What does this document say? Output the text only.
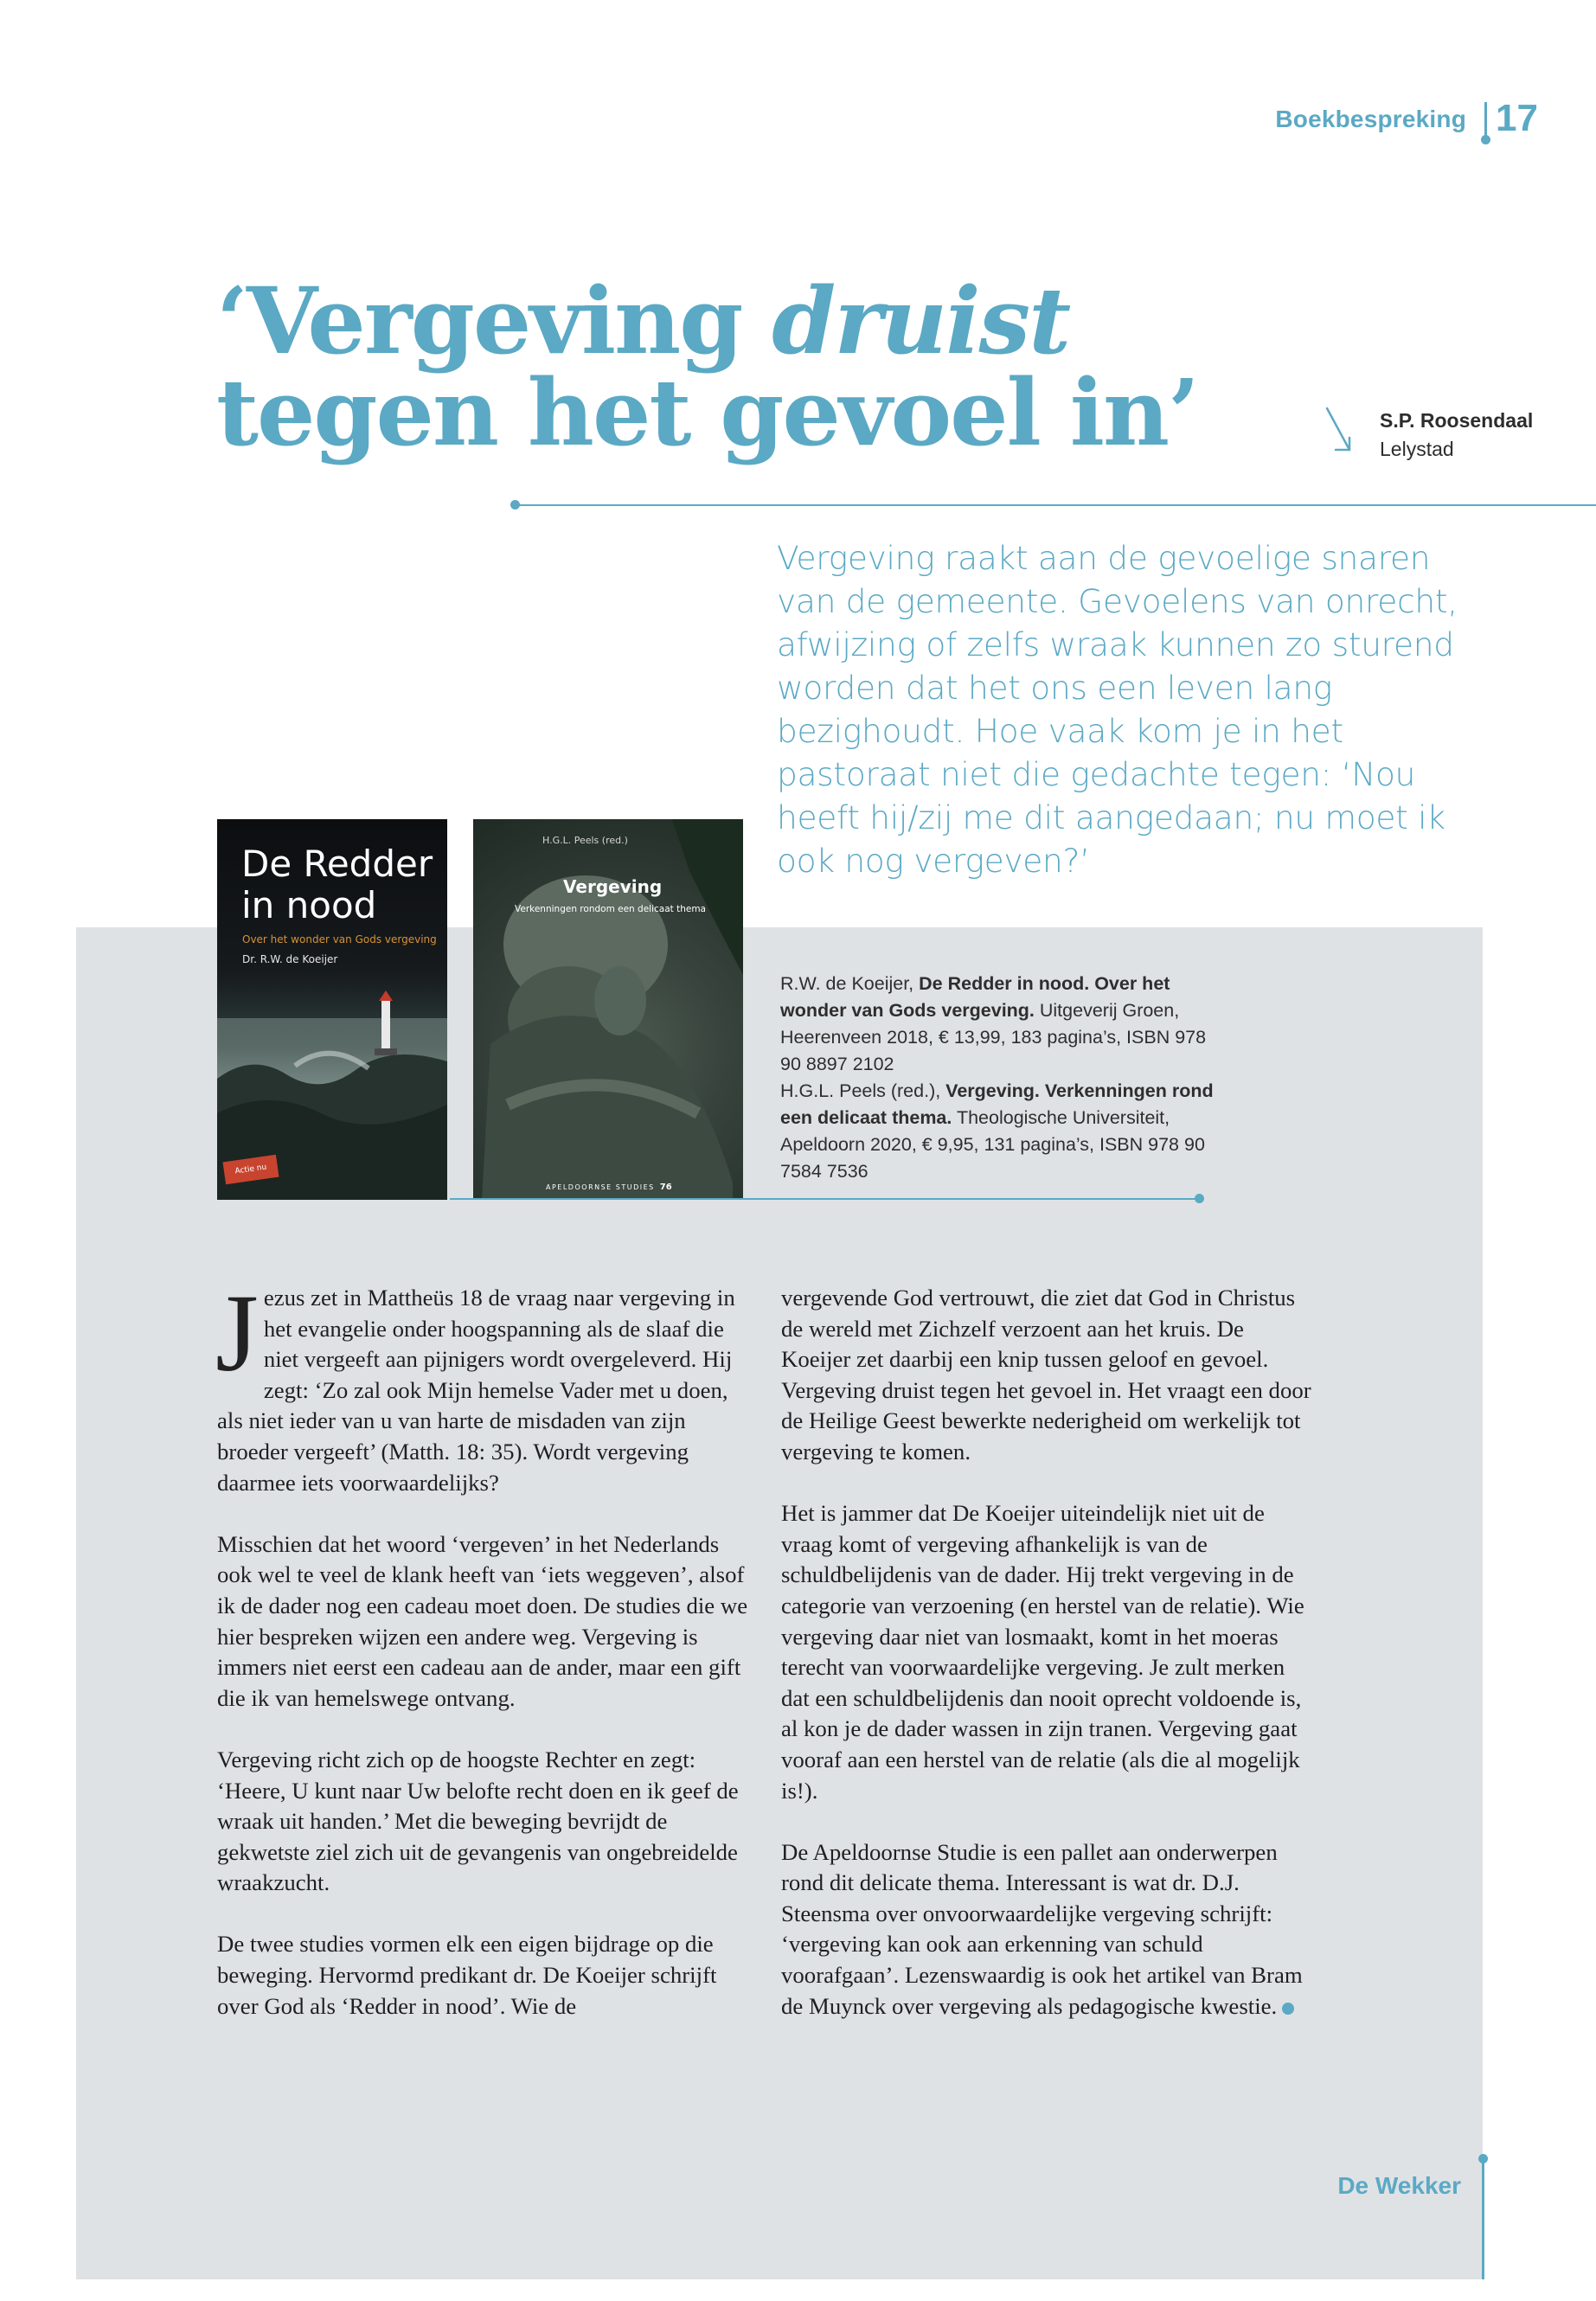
Boekbespreking 17
‘Vergeving druist
tegen het gevoel in’	S.P. Roosendaal
Lelystad
Vergeving raakt aan de gevoelige snaren van de gemeente. Gevoelens van onrecht, afwijzing of zelfs wraak kunnen zo sturend worden dat het ons een leven lang bezighoudt. Hoe vaak kom je in het pastoraat niet die gedachte tegen: ‘Nou heeft hij/zij me dit aangedaan; nu moet ik ook nog vergeven?’
De Redder
in nood
Over het wonder van Gods vergeving
Dr. R.W. de Koeijer
Actie nu
H.G.L. Peels (red.)
Vergeving
Verkenningen rondom een delicaat thema
APELDOORNSE STUDIES 76

R.W. de Koeijer, De Redder in nood. Over het wonder van Gods vergeving. Uitgeverij Groen, Heerenveen 2018, € 13,99, 183 pagina’s, ISBN 978 90 8897 2102

H.G.L. Peels (red.), Vergeving. Verkenningen rond een delicaat thema. Theologische Universiteit, Apeldoorn 2020, € 9,95, 131 pagina’s, ISBN 978 90 7584 7536

Jezus zet in Mattheüs 18 de vraag naar vergeving in het evangelie onder hoogspanning als de slaaf die niet vergeeft aan pijnigers wordt overgeleverd. Hij zegt: ‘Zo zal ook Mijn hemelse Vader met u doen, als niet ieder van u van harte de misdaden van zijn broeder vergeeft’ (Matth. 18: 35). Wordt vergeving daarmee iets voorwaardelijks?

Misschien dat het woord ‘vergeven’ in het Nederlands ook wel te veel de klank heeft van ‘iets weggeven’, alsof ik de dader nog een cadeau moet doen. De studies die we hier bespreken wijzen een andere weg. Vergeving is immers niet eerst een cadeau aan de ander, maar een gift die ik van hemelswege ontvang.

Vergeving richt zich op de hoogste Rechter en zegt: ‘Heere, U kunt naar Uw belofte recht doen en ik geef de wraak uit handen.’ Met die beweging bevrijdt de gekwetste ziel zich uit de gevangenis van ongebreidelde wraakzucht.

De twee studies vormen elk een eigen bijdrage op die beweging. Hervormd predikant dr. De Koeijer schrijft over God als ‘Redder in nood’. Wie de

vergevende God vertrouwt, die ziet dat God in Christus de wereld met Zichzelf verzoent aan het kruis. De Koeijer zet daarbij een knip tussen geloof en gevoel. Vergeving druist tegen het gevoel in. Het vraagt een door de Heilige Geest bewerkte nederigheid om werkelijk tot vergeving te komen.

Het is jammer dat De Koeijer uiteindelijk niet uit de vraag komt of vergeving afhankelijk is van de schuldbelijdenis van de dader. Hij trekt vergeving in de categorie van verzoening (en herstel van de relatie). Wie vergeving daar niet van losmaakt, komt in het moeras terecht van voorwaardelijke vergeving. Je zult merken dat een schuldbelijdenis dan nooit oprecht voldoende is, al kon je de dader wassen in zijn tranen. Vergeving gaat vooraf aan een herstel van de relatie (als die al mogelijk is!).

De Apeldoornse Studie is een pallet aan onderwerpen rond dit delicate thema. Interessant is wat dr. D.J. Steensma over onvoorwaardelijke vergeving schrijft: ‘vergeving kan ook aan erkenning van schuld voorafgaan’. Lezenswaardig is ook het artikel van Bram de Muynck over vergeving als pedagogische kwestie.

De Wekker
